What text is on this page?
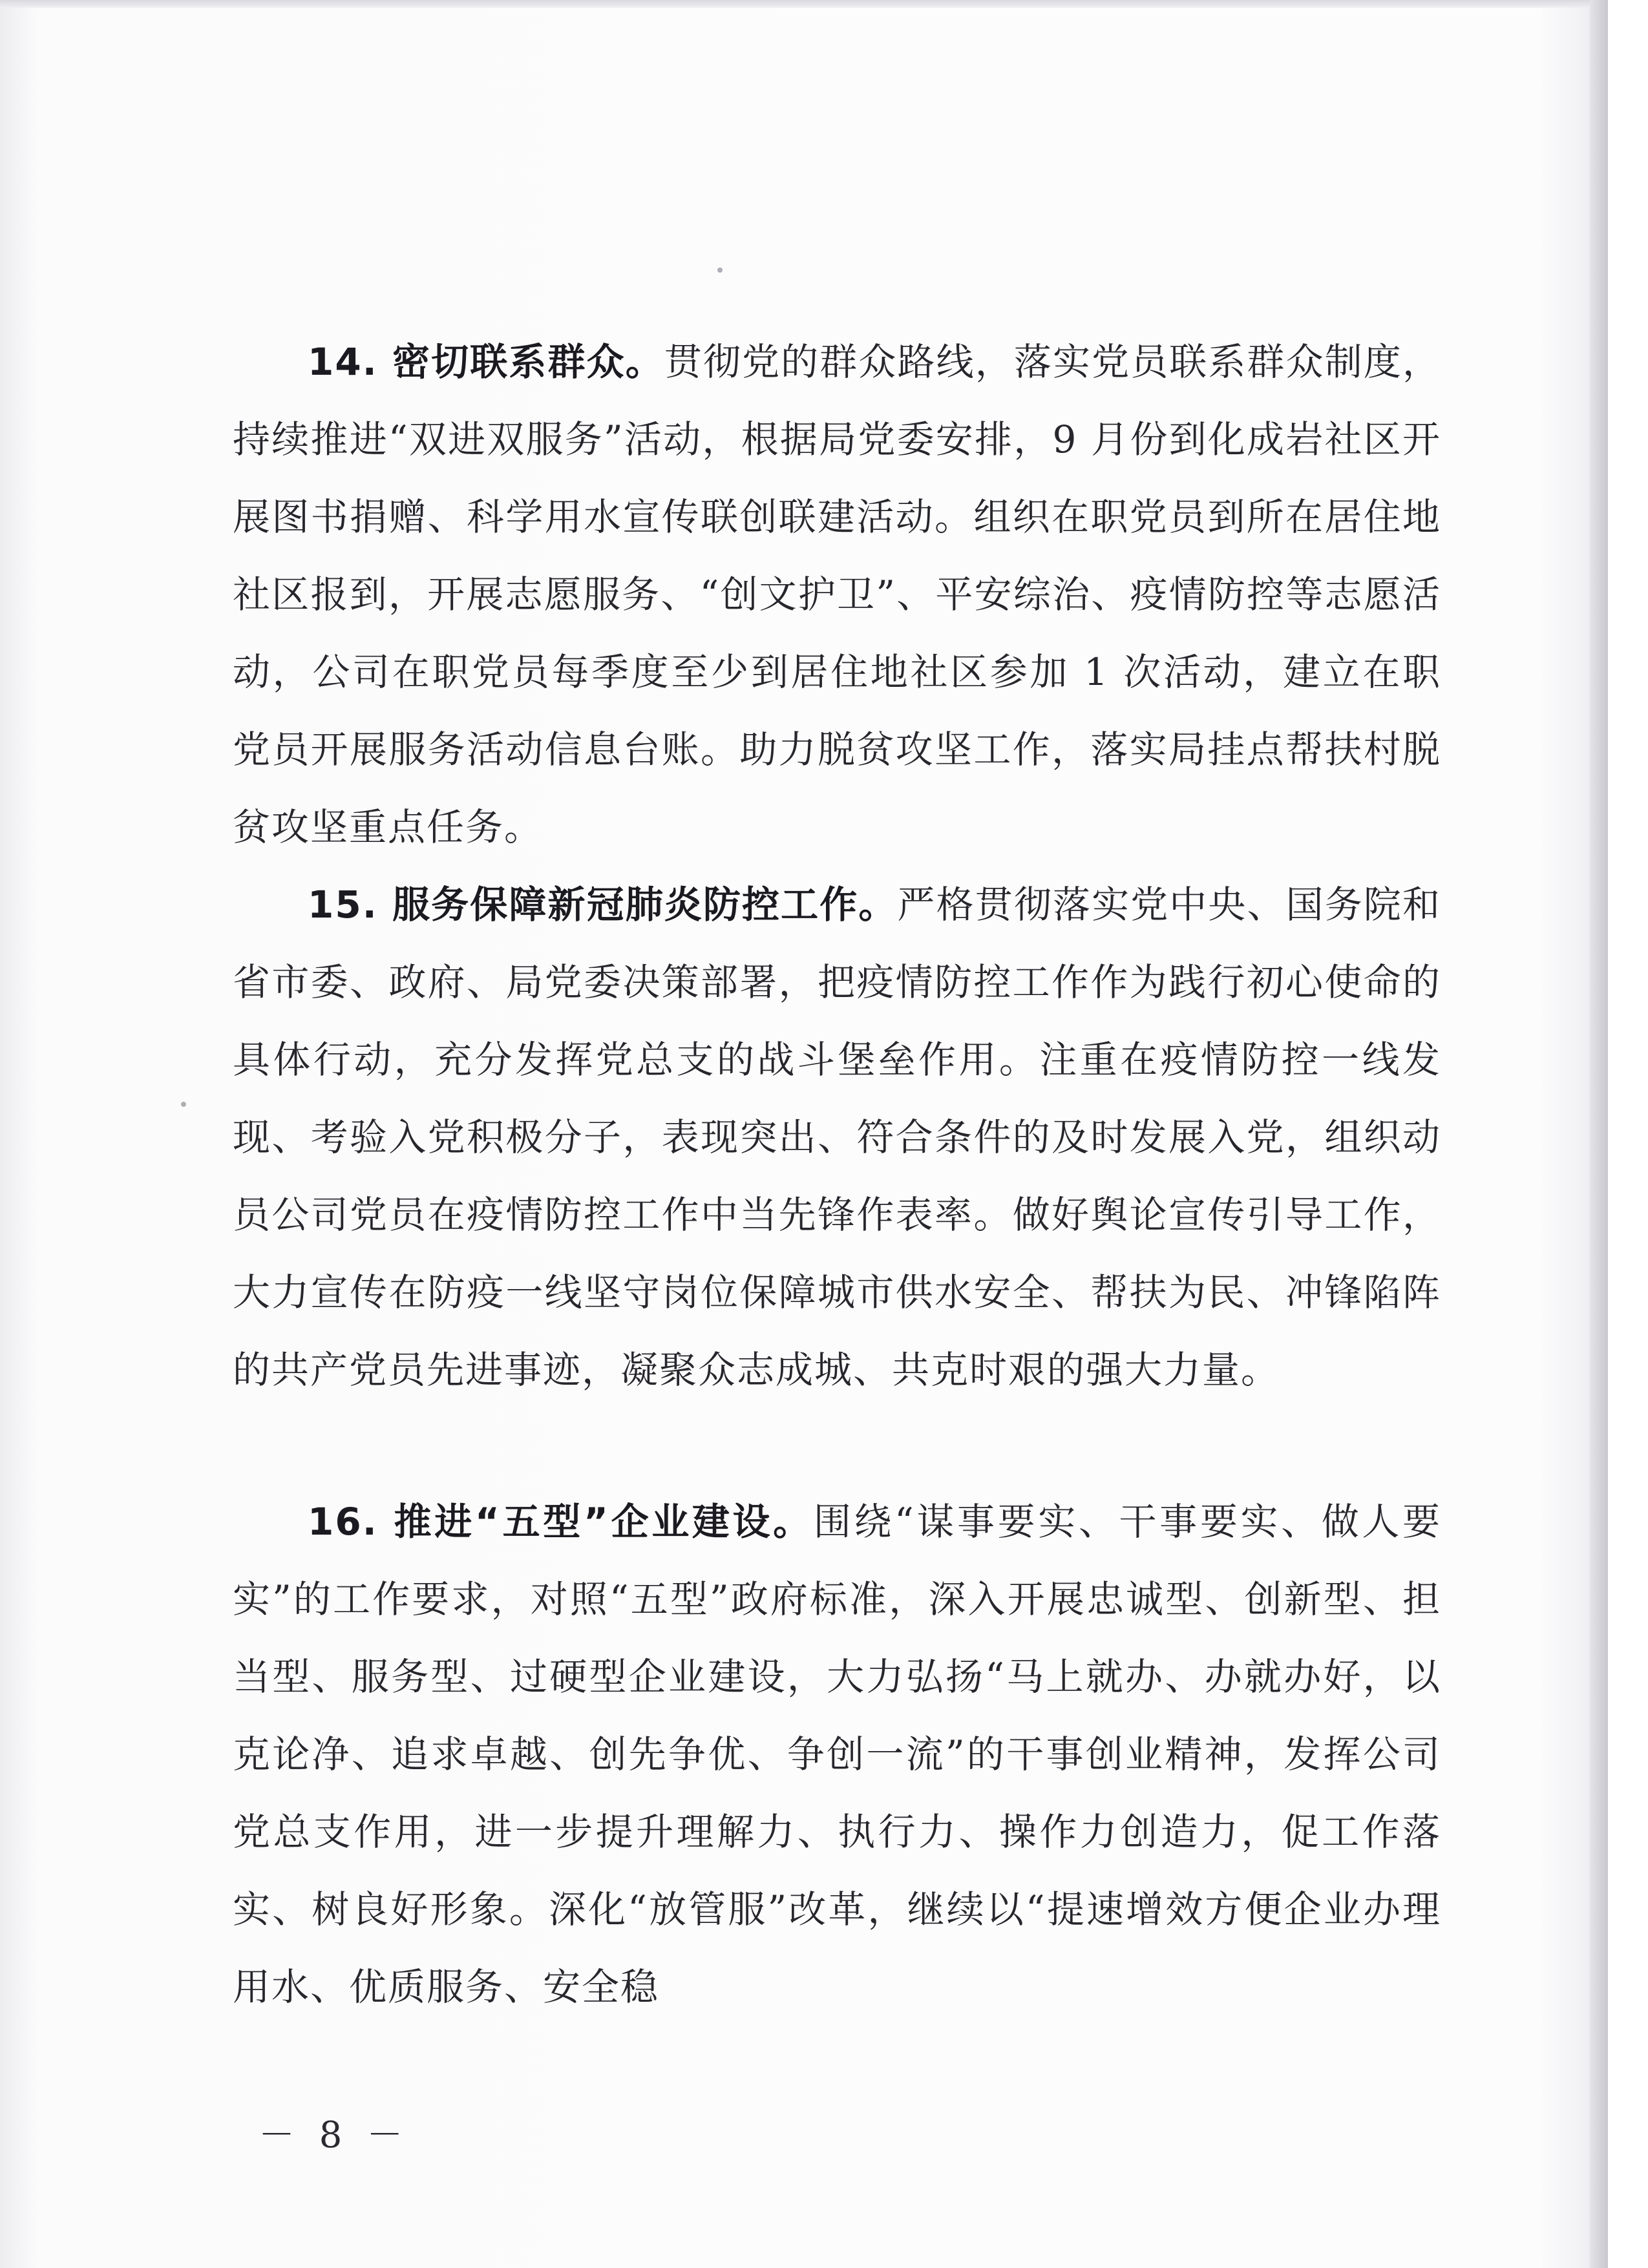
14. 密切联系群众。贯彻党的群众路线，落实党员联系群众制度，持续推进“双进双服务”活动，根据局党委安排，9 月份到化成岩社区开展图书捐赠、科学用水宣传联创联建活动。组织在职党员到所在居住地社区报到，开展志愿服务、“创文护卫”、平安综治、疫情防控等志愿活动，公司在职党员每季度至少到居住地社区参加 1 次活动，建立在职党员开展服务活动信息台账。助力脱贫攻坚工作，落实局挂点帮扶村脱贫攻坚重点任务。

15. 服务保障新冠肺炎防控工作。严格贯彻落实党中央、国务院和省市委、政府、局党委决策部署，把疫情防控工作作为践行初心使命的具体行动，充分发挥党总支的战斗堡垒作用。注重在疫情防控一线发现、考验入党积极分子，表现突出、符合条件的及时发展入党，组织动员公司党员在疫情防控工作中当先锋作表率。做好舆论宣传引导工作，大力宣传在防疫一线坚守岗位保障城市供水安全、帮扶为民、冲锋陷阵的共产党员先进事迹，凝聚众志成城、共克时艰的强大力量。

16. 推进“五型”企业建设。围绕“谋事要实、干事要实、做人要实”的工作要求，对照“五型”政府标准，深入开展忠诚型、创新型、担当型、服务型、过硬型企业建设，大力弘扬“马上就办、办就办好，以克论净、追求卓越、创先争优、争创一流”的干事创业精神，发挥公司党总支作用，进一步提升理解力、执行力、操作力创造力，促工作落实、树良好形象。深化“放管服”改革，继续以“提速增效方便企业办理用水、优质服务、安全稳

－ 8 －
